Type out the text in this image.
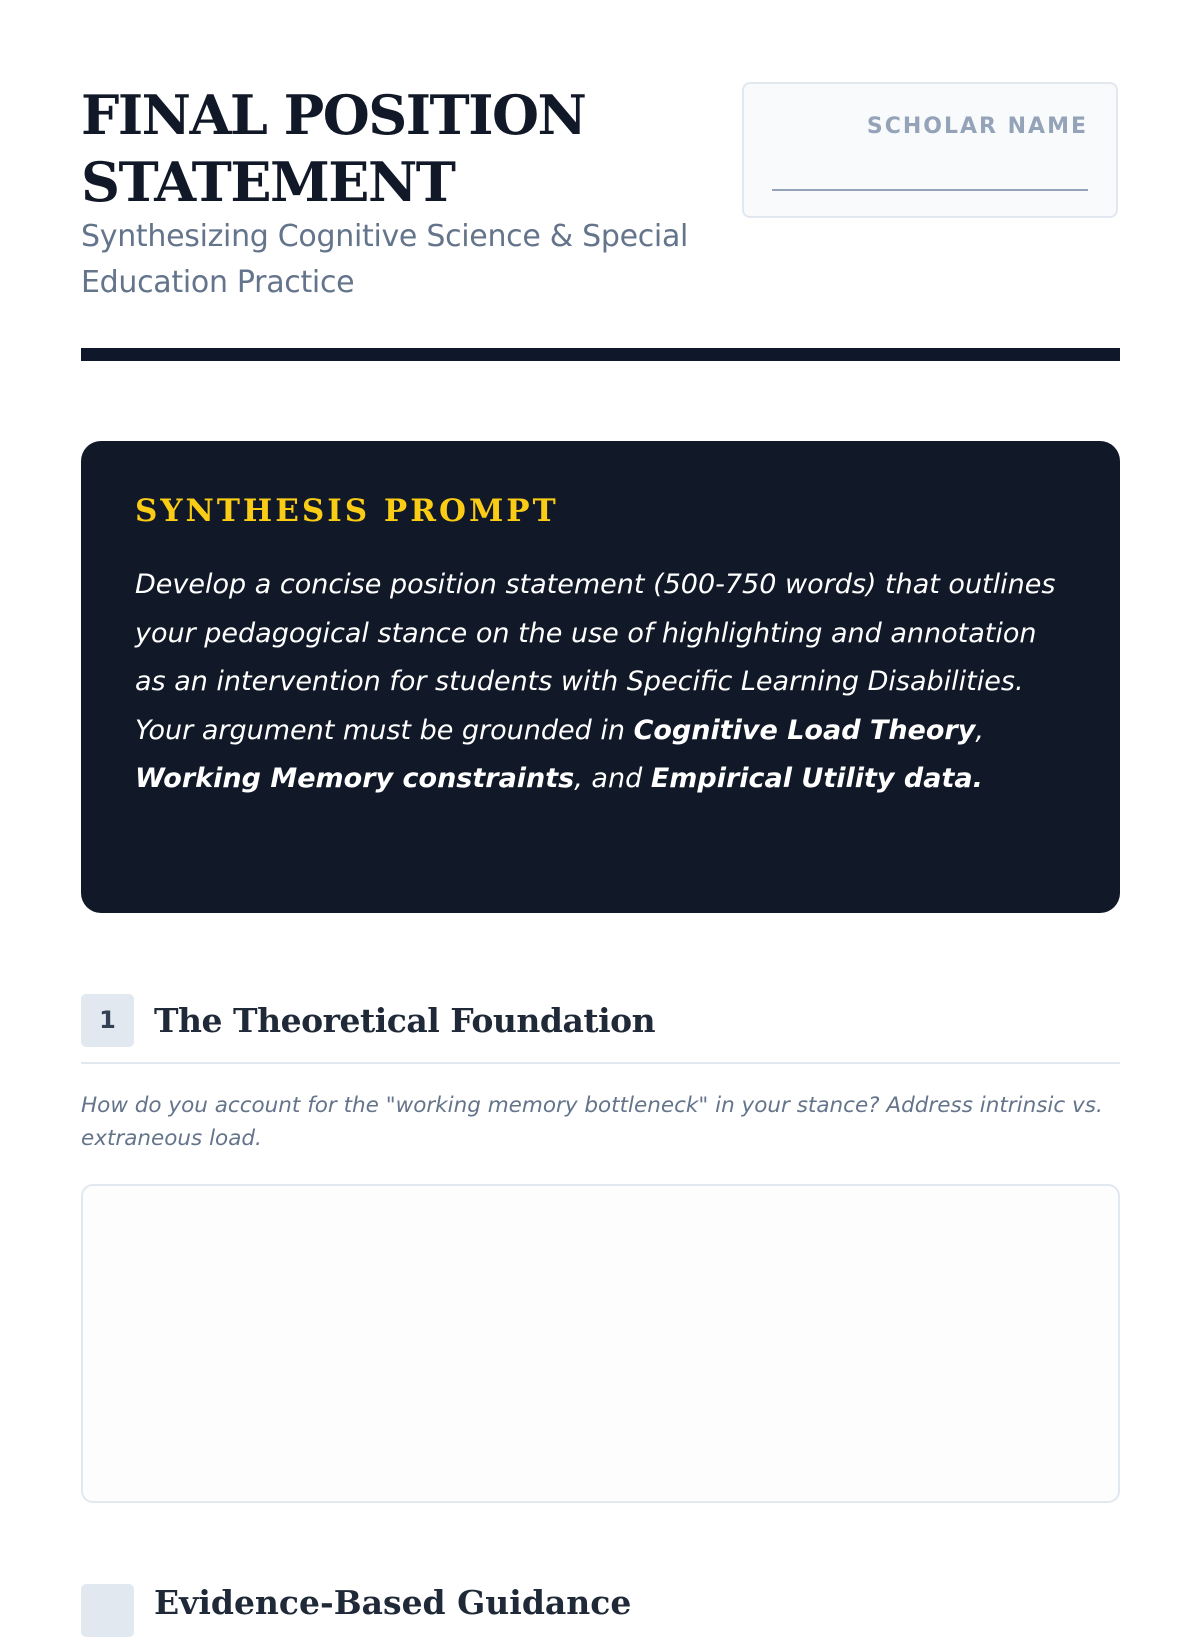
FINAL POSITION
STATEMENT

Synthesizing Cognitive Science & Special
Education Practice

SCHOLAR NAME
SYNTHESIS PROMPT

Develop a concise position statement (500-750 words) that outlines your pedagogical stance on the use of highlighting and annotation as an intervention for students with Specific Learning Disabilities. Your argument must be grounded in Cognitive Load Theory, Working Memory constraints, and Empirical Utility data.

1	The Theoretical Foundation

How do you account for the "working memory bottleneck" in your stance? Address intrinsic vs. extraneous load.

Evidence-Based Guidance
